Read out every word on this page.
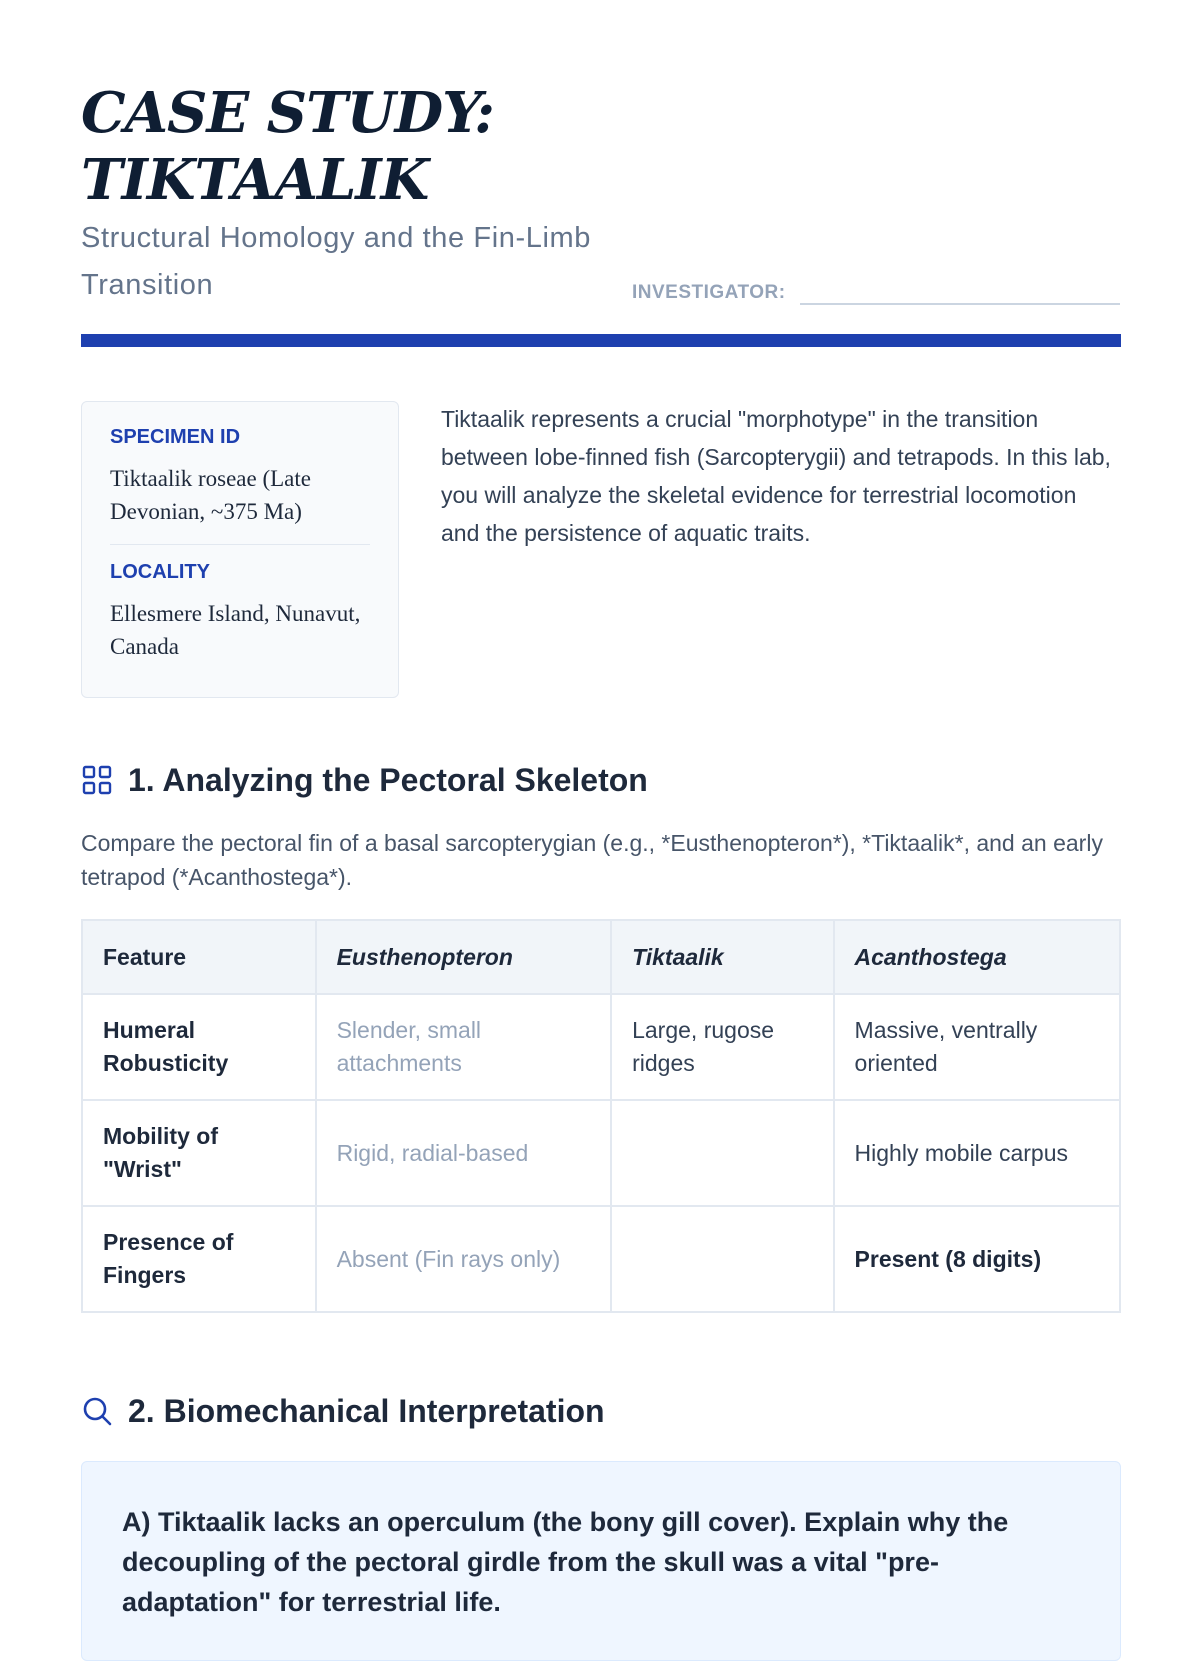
CASE STUDY: TIKTAALIK
Structural Homology and the Fin-Limb Transition	INVESTIGATOR:
SPECIMEN ID
Tiktaalik roseae (Late Devonian, ~375 Ma)
LOCALITY
Ellesmere Island, Nunavut, Canada
Tiktaalik represents a crucial "morphotype" in the transition between lobe-finned fish (Sarcopterygii) and tetrapods. In this lab, you will analyze the skeletal evidence for terrestrial locomotion and the persistence of aquatic traits.
1. Analyzing the Pectoral Skeleton
Compare the pectoral fin of a basal sarcopterygian (e.g., *Eusthenopteron*), *Tiktaalik*, and an early tetrapod (*Acanthostega*).
Feature	Eusthenopteron	Tiktaalik	Acanthostega
Humeral Robusticity	Slender, small attachments	Large, rugose ridges	Massive, ventrally oriented
Mobility of "Wrist"	Rigid, radial-based		Highly mobile carpus
Presence of Fingers	Absent (Fin rays only)		Present (8 digits)
2. Biomechanical Interpretation
A) Tiktaalik lacks an operculum (the bony gill cover). Explain why the decoupling of the pectoral girdle from the skull was a vital "pre-adaptation" for terrestrial life.
